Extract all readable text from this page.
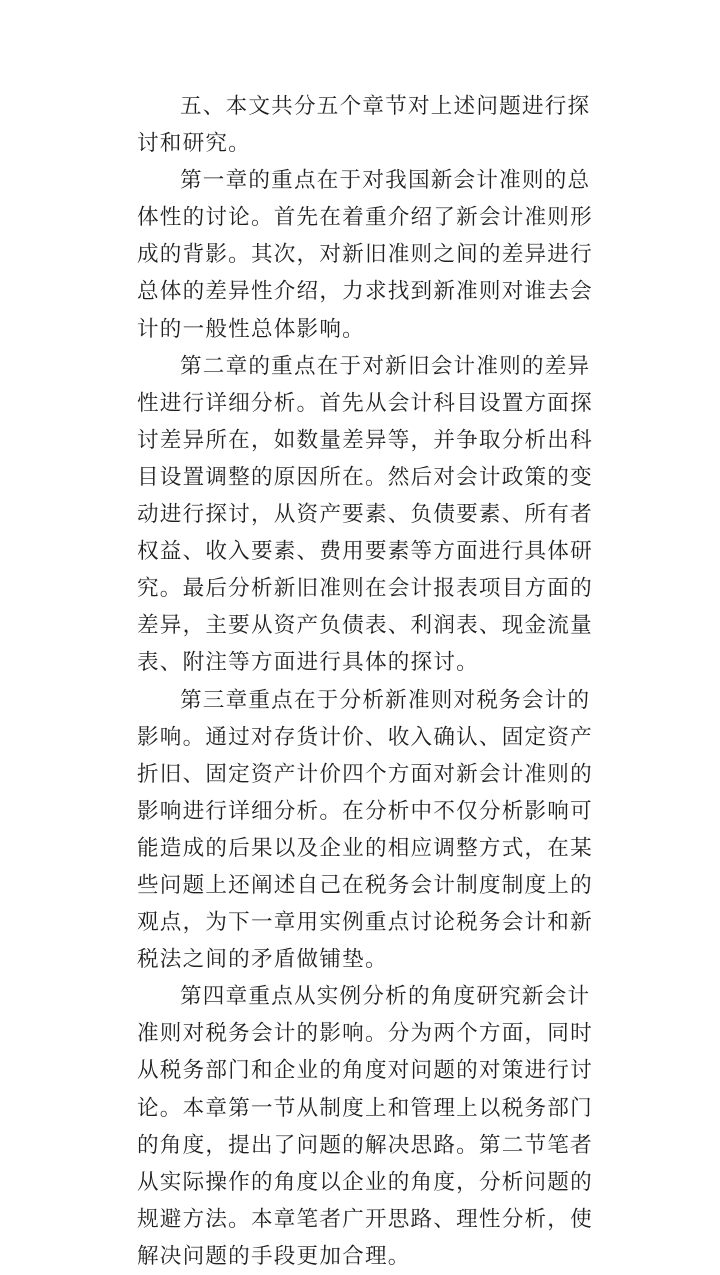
五、本文共分五个章节对上述问题进行探讨和研究。

第一章的重点在于对我国新会计准则的总体性的讨论。首先在着重介绍了新会计准则形成的背影。其次，对新旧准则之间的差异进行总体的差异性介绍，力求找到新准则对谁去会计的一般性总体影响。

第二章的重点在于对新旧会计准则的差异性进行详细分析。首先从会计科目设置方面探讨差异所在，如数量差异等，并争取分析出科目设置调整的原因所在。然后对会计政策的变动进行探讨，从资产要素、负债要素、所有者权益、收入要素、费用要素等方面进行具体研究。最后分析新旧准则在会计报表项目方面的差异，主要从资产负债表、利润表、现金流量表、附注等方面进行具体的探讨。

第三章重点在于分析新准则对税务会计的影响。通过对存货计价、收入确认、固定资产折旧、固定资产计价四个方面对新会计准则的影响进行详细分析。在分析中不仅分析影响可能造成的后果以及企业的相应调整方式，在某些问题上还阐述自己在税务会计制度制度上的观点，为下一章用实例重点讨论税务会计和新税法之间的矛盾做铺垫。

第四章重点从实例分析的角度研究新会计准则对税务会计的影响。分为两个方面，同时从税务部门和企业的角度对问题的对策进行讨论。本章第一节从制度上和管理上以税务部门的角度，提出了问题的解决思路。第二节笔者从实际操作的角度以企业的角度，分析问题的规避方法。本章笔者广开思路、理性分析，使解决问题的手段更加合理。
